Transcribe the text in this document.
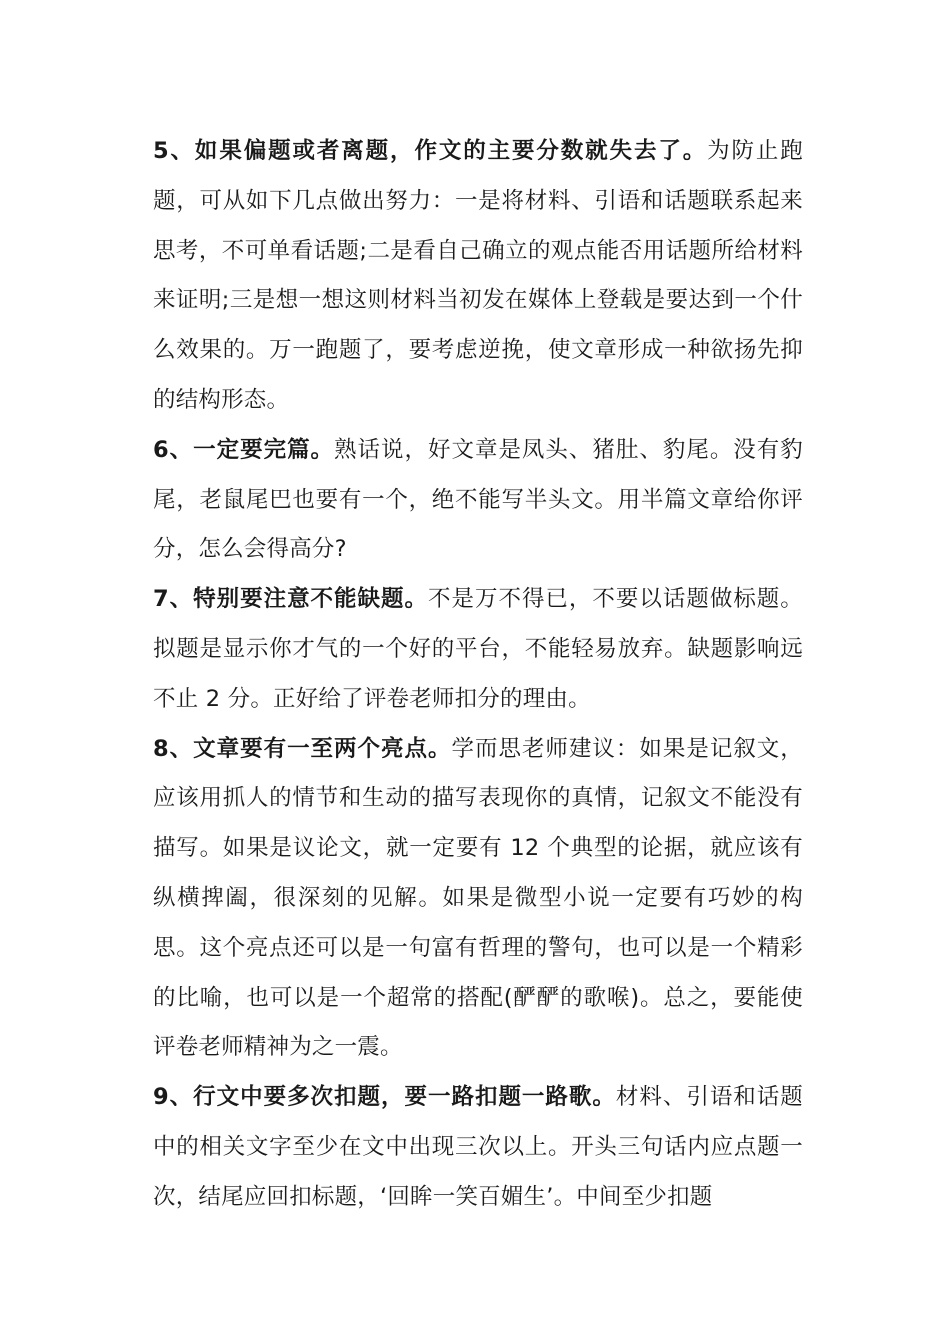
5、如果偏题或者离题，作文的主要分数就失去了。为防止跑题，可从如下几点做出努力：一是将材料、引语和话题联系起来思考，不可单看话题;二是看自己确立的观点能否用话题所给材料来证明;三是想一想这则材料当初发在媒体上登载是要达到一个什么效果的。万一跑题了，要考虑逆挽，使文章形成一种欲扬先抑的结构形态。

6、一定要完篇。熟话说，好文章是凤头、猪肚、豹尾。没有豹尾，老鼠尾巴也要有一个，绝不能写半头文。用半篇文章给你评分，怎么会得高分?

7、特别要注意不能缺题。不是万不得已，不要以话题做标题。拟题是显示你才气的一个好的平台，不能轻易放弃。缺题影响远不止 2 分。正好给了评卷老师扣分的理由。

8、文章要有一至两个亮点。学而思老师建议：如果是记叙文，应该用抓人的情节和生动的描写表现你的真情，记叙文不能没有描写。如果是议论文，就一定要有 12 个典型的论据，就应该有纵横捭阖，很深刻的见解。如果是微型小说一定要有巧妙的构思。这个亮点还可以是一句富有哲理的警句，也可以是一个精彩的比喻，也可以是一个超常的搭配(酽酽的歌喉)。总之，要能使评卷老师精神为之一震。

9、行文中要多次扣题，要一路扣题一路歌。材料、引语和话题中的相关文字至少在文中出现三次以上。开头三句话内应点题一次，结尾应回扣标题，‘回眸一笑百媚生’。中间至少扣题
